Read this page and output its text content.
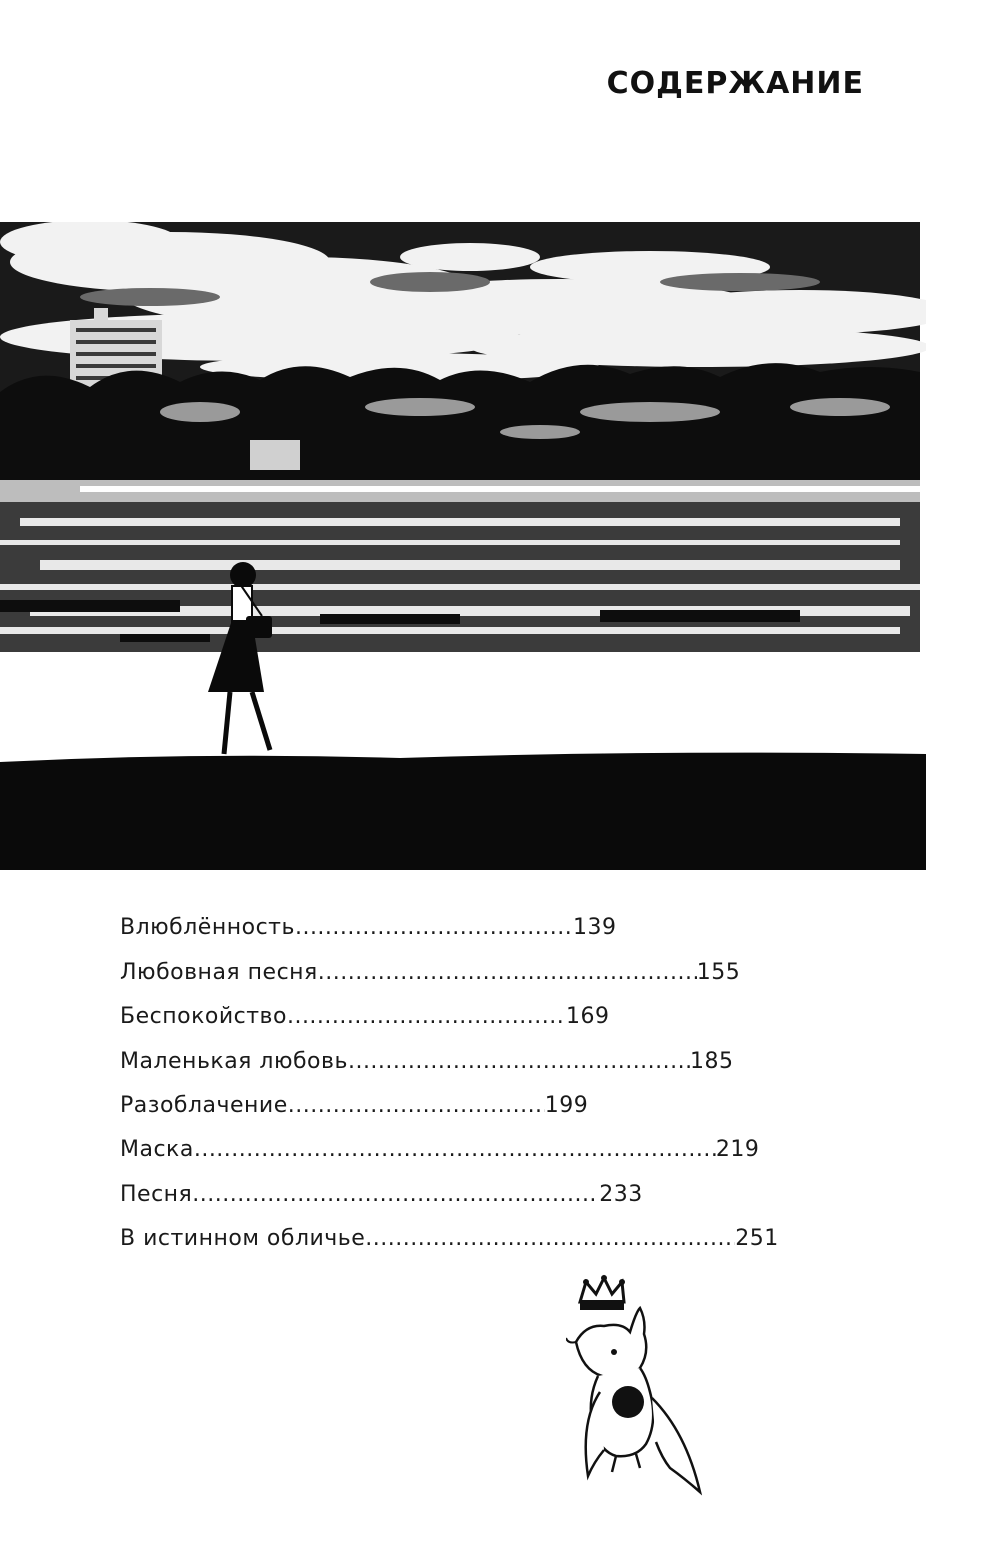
СОДЕРЖАНИЕ
Влюблённость .....	139
Любовная песня .....	155
Беспокойство .....	169
Маленькая любовь .....	185
Разоблачение .....	199
Маска .....	219
Песня .....	233
В истинном обличье .....	251
